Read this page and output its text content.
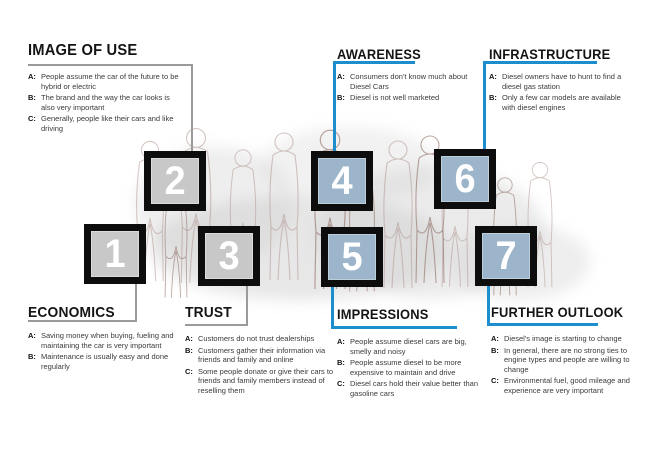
1
2
3
4
5
6
7
IMAGE OF USE
A: People assume the car of the future to be hybrid or electric
B: The brand and the way the car looks is also very important
C: Generally, people like their cars and like driving
AWARENESS
A: Consumers don't know much about Diesel Cars
B: Diesel is not well marketed
INFRASTRUCTURE
A: Diesel owners have to hunt to find a diesel gas station
B: Only a few car models are available with diesel engines
ECONOMICS
A: Saving money when buying, fueling and maintaining the car is very important
B: Maintenance is usually easy and done regularly
TRUST
A: Customers do not trust dealerships
B: Customers gather their information via friends and family and online
C: Some people donate or give their cars to friends and family members instead of reselling them
IMPRESSIONS
A: People assume diesel cars are big, smelly and noisy
B: People assume diesel to be more expensive to maintain and drive
C: Diesel cars hold their value better than gasoline cars
FURTHER OUTLOOK
A: Diesel's image is starting to change
B: In general, there are no strong ties to engine types and people are willing to change
C: Environmental fuel, good mileage and experience are very important
